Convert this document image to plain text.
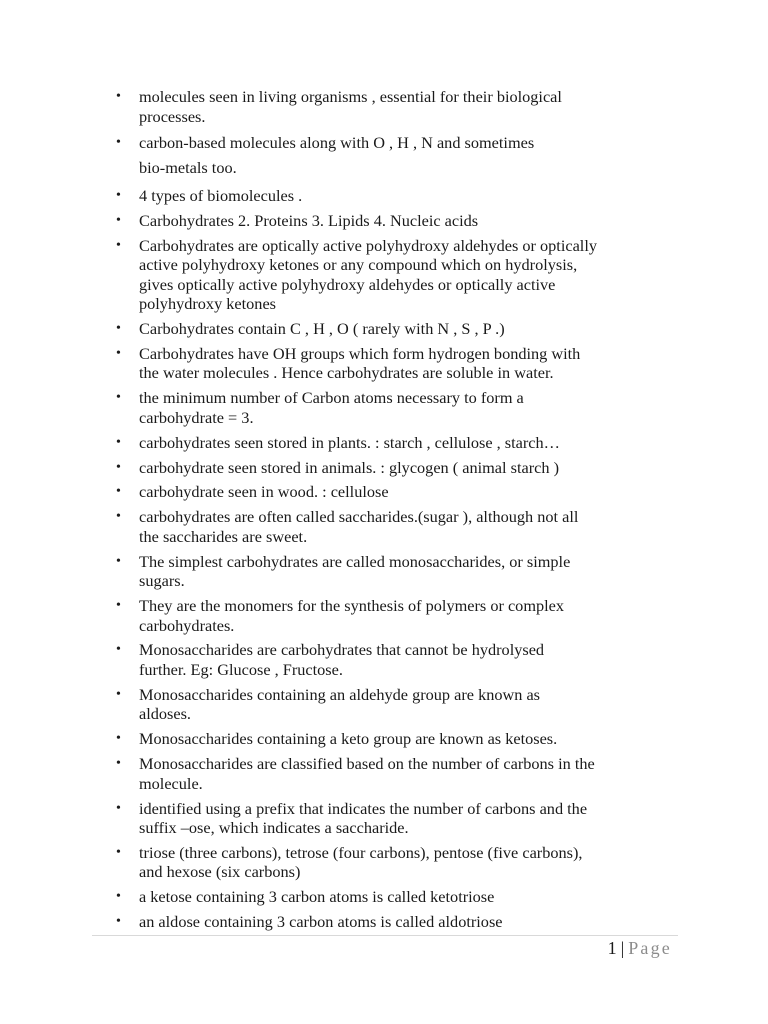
• molecules seen in living organisms , essential for their biological
processes.
• carbon-based molecules along with O , H , N and sometimes
bio-metals too.
• 4 types of biomolecules .
• Carbohydrates 2. Proteins 3. Lipids 4. Nucleic acids
• Carbohydrates are optically active polyhydroxy aldehydes or optically
active polyhydroxy ketones or any compound which on hydrolysis,
gives optically active polyhydroxy aldehydes or optically active
polyhydroxy ketones
• Carbohydrates contain C , H , O ( rarely with N , S , P .)
• Carbohydrates have OH groups which form hydrogen bonding with
the water molecules . Hence carbohydrates are soluble in water.
• the minimum number of Carbon atoms necessary to form a
carbohydrate = 3.
• carbohydrates seen stored in plants. : starch , cellulose , starch…
• carbohydrate seen stored in animals. : glycogen ( animal starch )
• carbohydrate seen in wood. : cellulose
• carbohydrates are often called saccharides.(sugar ), although not all
the saccharides are sweet.
• The simplest carbohydrates are called monosaccharides, or simple
sugars.
• They are the monomers for the synthesis of polymers or complex
carbohydrates.
• Monosaccharides are carbohydrates that cannot be hydrolysed
further. Eg: Glucose , Fructose.
• Monosaccharides containing an aldehyde group are known as
aldoses.
• Monosaccharides containing a keto group are known as ketoses.
• Monosaccharides are classified based on the number of carbons in the
molecule.
• identified using a prefix that indicates the number of carbons and the
suffix –ose, which indicates a saccharide.
• triose (three carbons), tetrose (four carbons), pentose (five carbons),
and hexose (six carbons)
• a ketose containing 3 carbon atoms is called ketotriose
• an aldose containing 3 carbon atoms is called aldotriose
1 | Page
